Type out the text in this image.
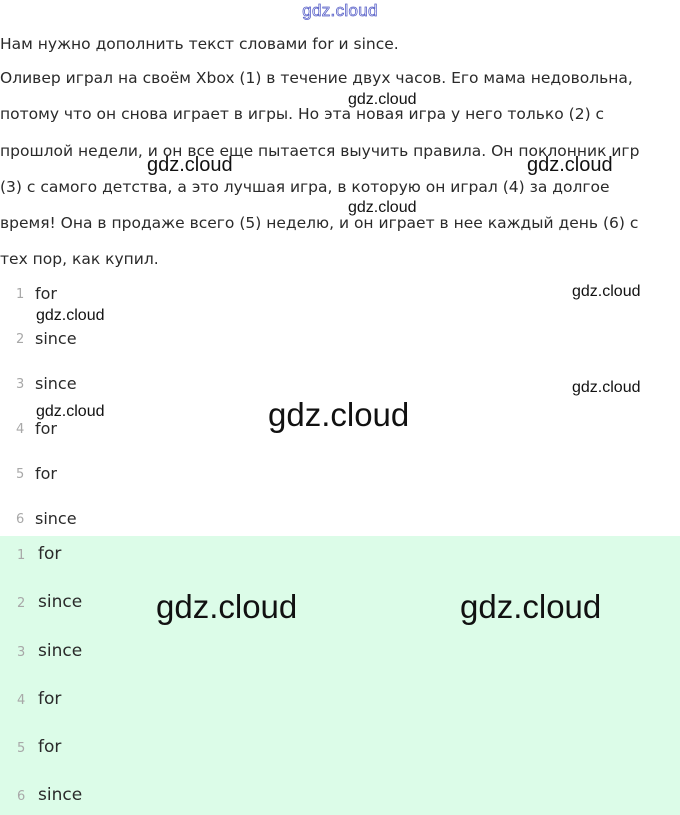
gdz.cloud
Нам нужно дополнить текст словами for и since.
Оливер играл на своём Xbox (1) в течение двух часов. Его мама недовольна,
потому что он снова играет в игры. Но эта новая игра у него только (2) с
прошлой недели, и он все еще пытается выучить правила. Он поклонник игр
(3) с самого детства, а это лучшая игра, в которую он играл (4) за долгое
время! Она в продаже всего (5) неделю, и он играет в нее каждый день (6) с
тех пор, как купил.
1 for
2 since
3 since
4 for
5 for
6 since
1 for
2 since
3 since
4 for
5 for
6 since
gdz.cloud
gdz.cloud	gdz.cloud
gdz.cloud
gdz.cloud
gdz.cloud
gdz.cloud
gdz.cloud	gdz.cloud
gdz.cloud	gdz.cloud
